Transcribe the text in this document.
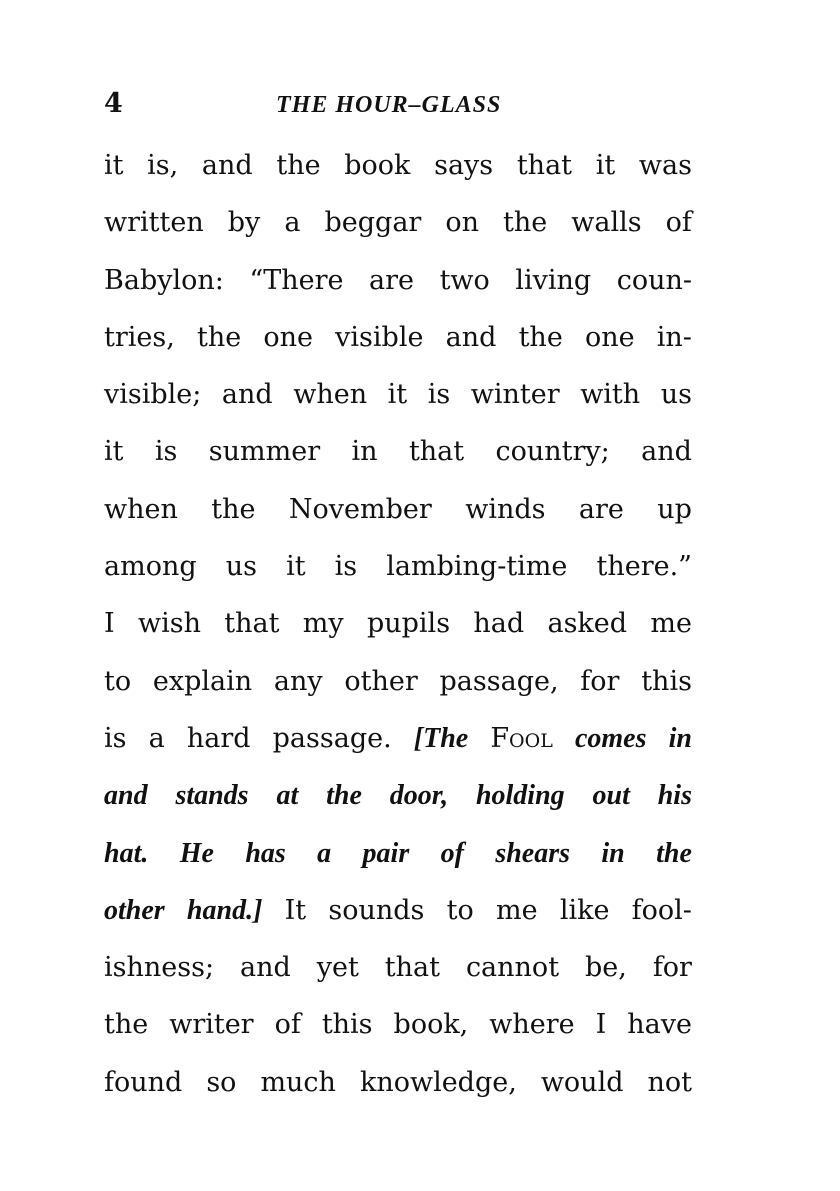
4	THE HOUR–GLASS
it is, and the book says that it was
written by a beggar on the walls of
Babylon: “There are two living coun-
tries, the one visible and the one in-
visible; and when it is winter with us
it is summer in that country; and
when the November winds are up
among us it is lambing-time there.”
I wish that my pupils had asked me
to explain any other passage, for this
is a hard passage. [The Fool comes in
and stands at the door, holding out his
hat. He has a pair of shears in the
other hand.] It sounds to me like fool-
ishness; and yet that cannot be, for
the writer of this book, where I have
found so much knowledge, would not
